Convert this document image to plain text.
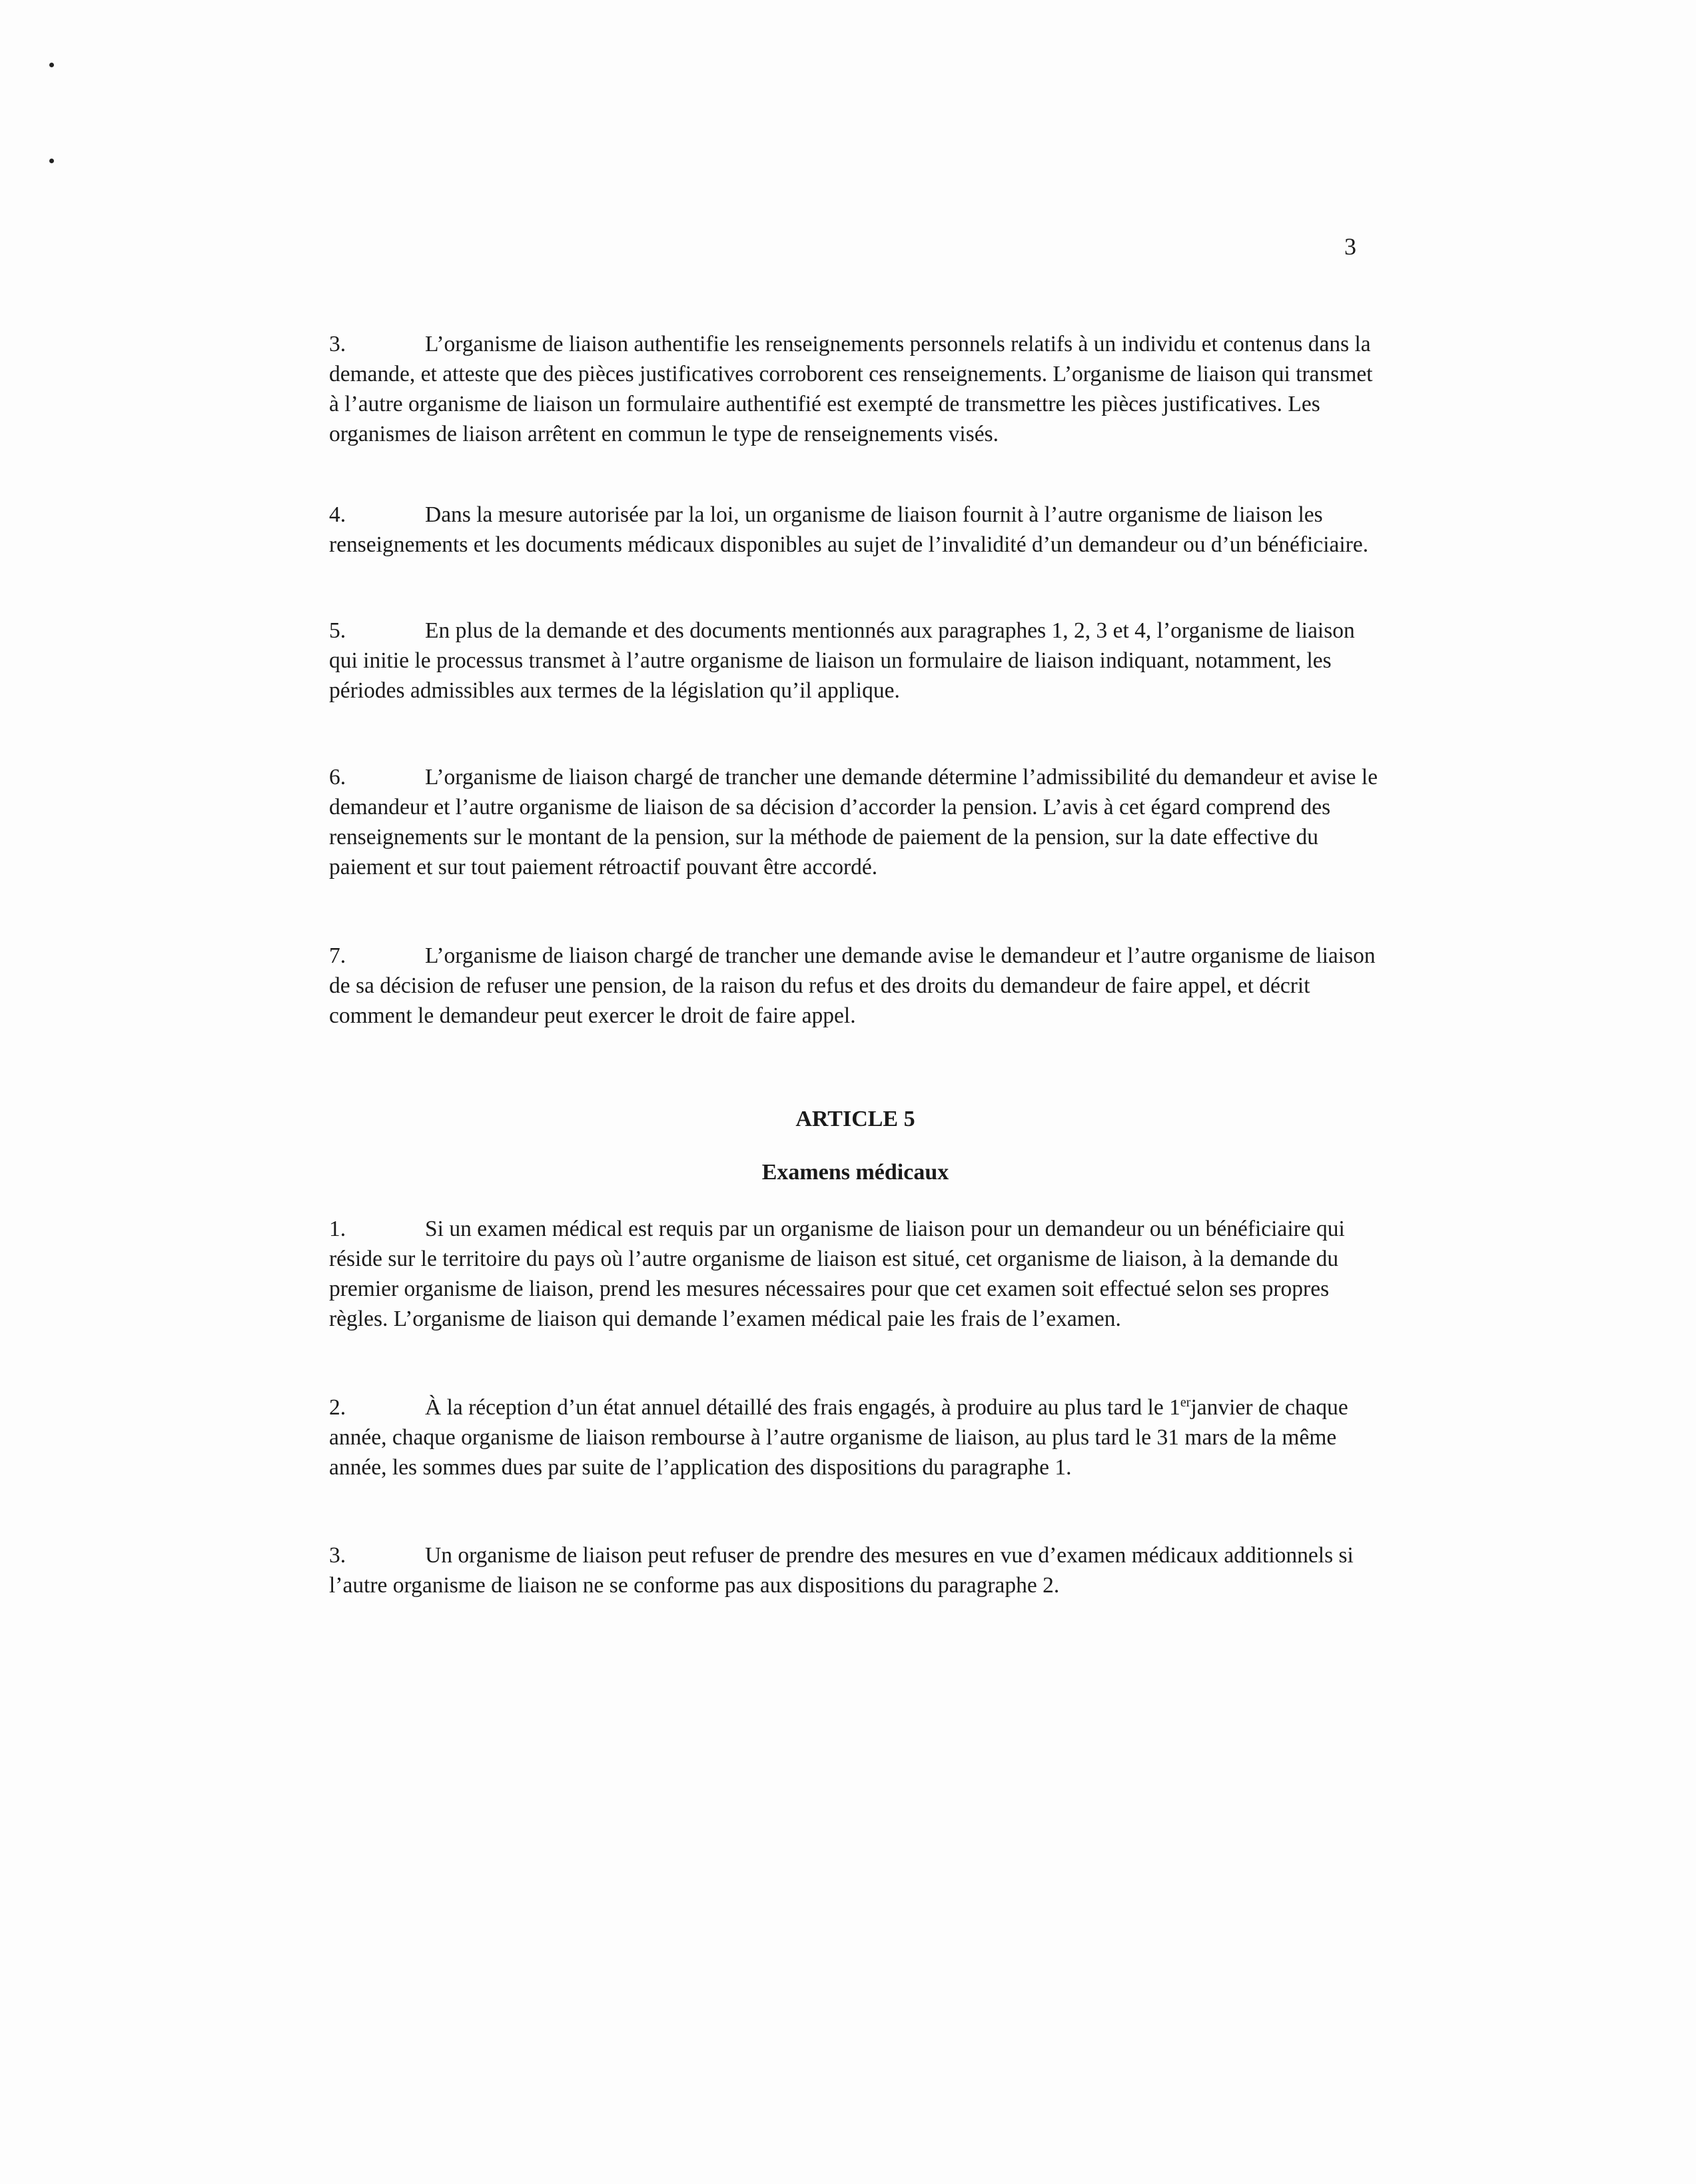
3

3.	L’organisme de liaison authentifie les renseignements personnels relatifs à un individu et contenus dans la demande, et atteste que des pièces justificatives corroborent ces renseignements. L’organisme de liaison qui transmet à l’autre organisme de liaison un formulaire authentifié est exempté de transmettre les pièces justificatives. Les organismes de liaison arrêtent en commun le type de renseignements visés.

4.	Dans la mesure autorisée par la loi, un organisme de liaison fournit à l’autre organisme de liaison les renseignements et les documents médicaux disponibles au sujet de l’invalidité d’un demandeur ou d’un bénéficiaire.

5.	En plus de la demande et des documents mentionnés aux paragraphes 1, 2, 3 et 4, l’organisme de liaison qui initie le processus transmet à l’autre organisme de liaison un formulaire de liaison indiquant, notamment, les périodes admissibles aux termes de la législation qu’il applique.

6.	L’organisme de liaison chargé de trancher une demande détermine l’admissibilité du demandeur et avise le demandeur et l’autre organisme de liaison de sa décision d’accorder la pension. L’avis à cet égard comprend des renseignements sur le montant de la pension, sur la méthode de paiement de la pension, sur la date effective du paiement et sur tout paiement rétroactif pouvant être accordé.

7.	L’organisme de liaison chargé de trancher une demande avise le demandeur et l’autre organisme de liaison de sa décision de refuser une pension, de la raison du refus et des droits du demandeur de faire appel, et décrit comment le demandeur peut exercer le droit de faire appel.

ARTICLE 5
Examens médicaux

1.	Si un examen médical est requis par un organisme de liaison pour un demandeur ou un bénéficiaire qui réside sur le territoire du pays où l’autre organisme de liaison est situé, cet organisme de liaison, à la demande du premier organisme de liaison, prend les mesures nécessaires pour que cet examen soit effectué selon ses propres règles. L’organisme de liaison qui demande l’examen médical paie les frais de l’examen.

2.	À la réception d’un état annuel détaillé des frais engagés, à produire au plus tard le 1erjanvier de chaque année, chaque organisme de liaison rembourse à l’autre organisme de liaison, au plus tard le 31 mars de la même année, les sommes dues par suite de l’application des dispositions du paragraphe 1.

3.	Un organisme de liaison peut refuser de prendre des mesures en vue d’examen médicaux additionnels si l’autre organisme de liaison ne se conforme pas aux dispositions du paragraphe 2.
